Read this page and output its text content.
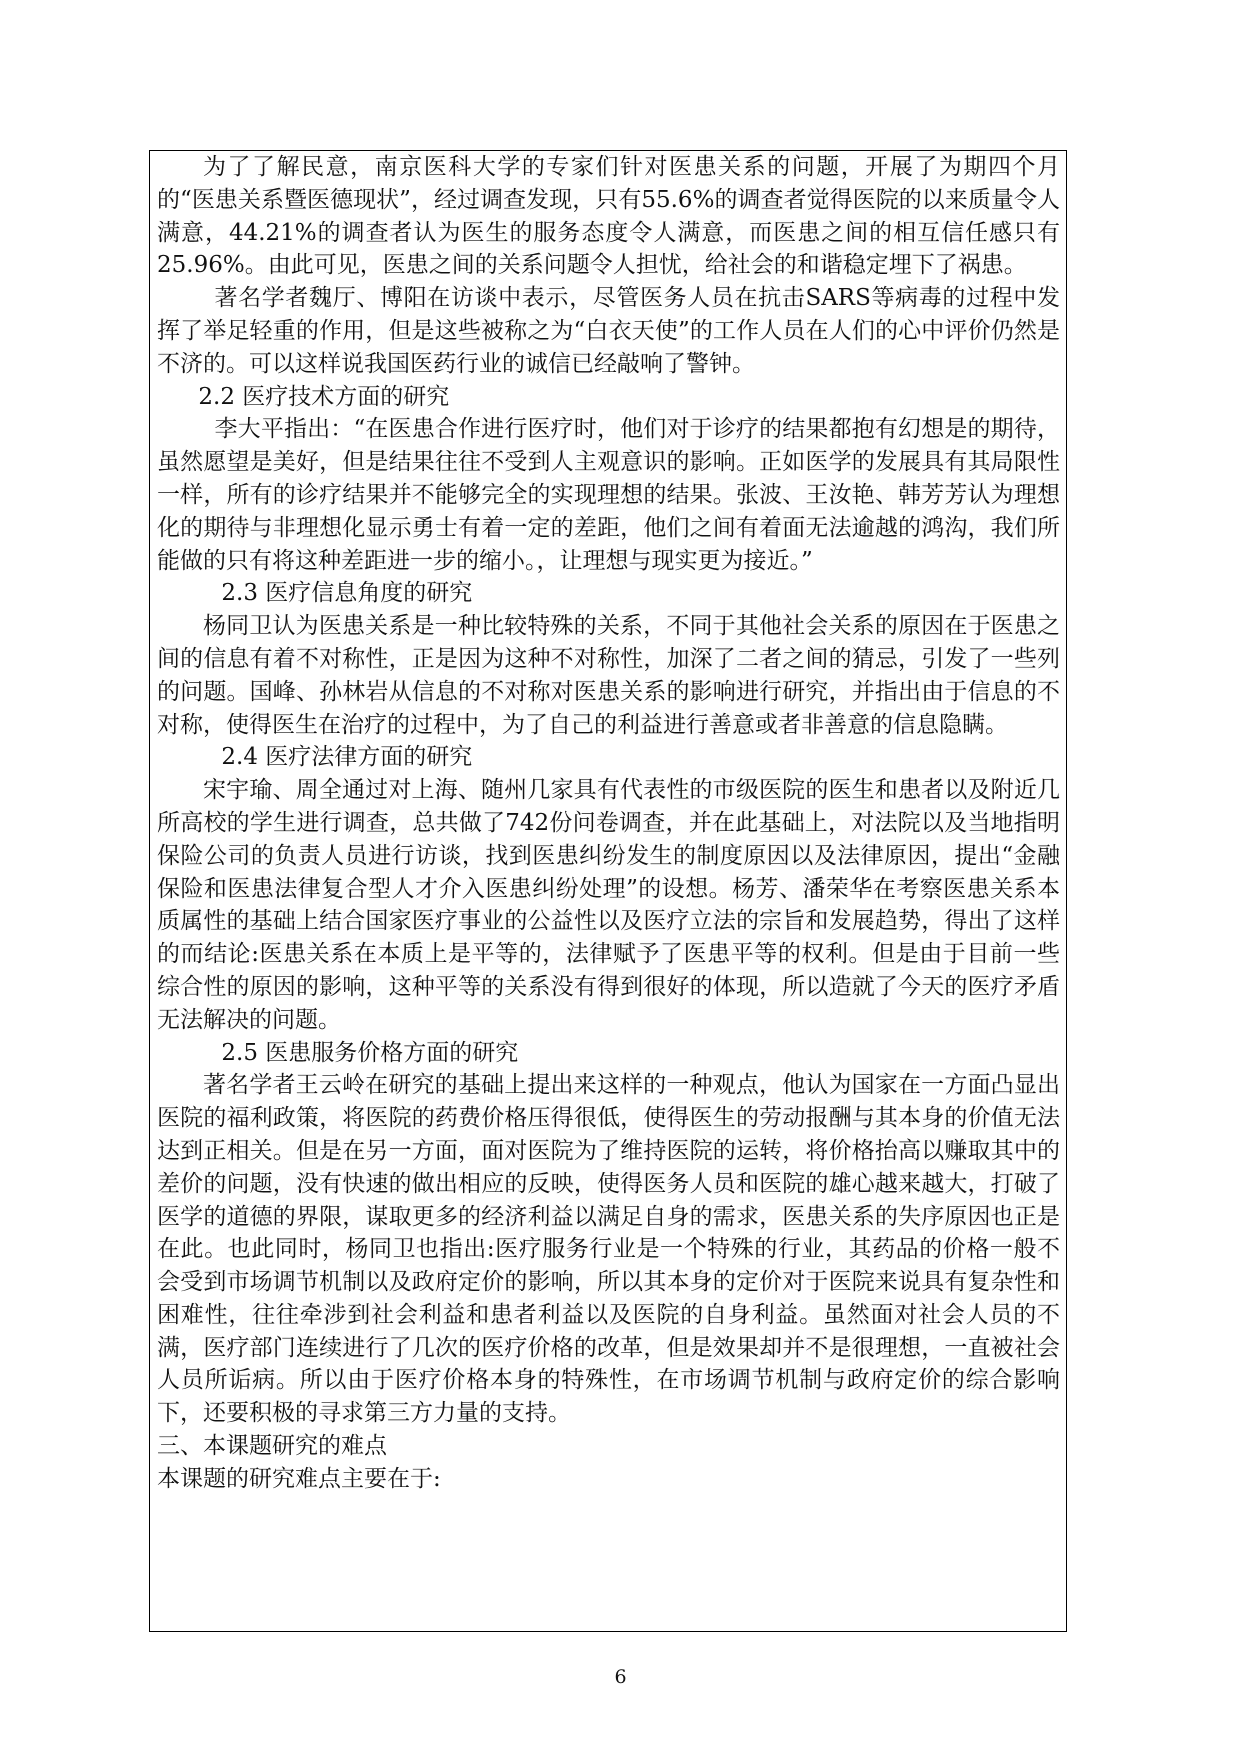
为了了解民意，南京医科大学的专家们针对医患关系的问题，开展了为期四个月的“医患关系暨医德现状”，经过调查发现，只有55.6%的调查者觉得医院的以来质量令人满意，44.21%的调查者认为医生的服务态度令人满意，而医患之间的相互信任感只有25.96%。由此可见，医患之间的关系问题令人担忧，给社会的和谐稳定埋下了祸患。

著名学者魏厅、博阳在访谈中表示，尽管医务人员在抗击SARS等病毒的过程中发挥了举足轻重的作用，但是这些被称之为“白衣天使”的工作人员在人们的心中评价仍然是不济的。可以这样说我国医药行业的诚信已经敲响了警钟。

2.2 医疗技术方面的研究

李大平指出：“在医患合作进行医疗时，他们对于诊疗的结果都抱有幻想是的期待，虽然愿望是美好，但是结果往往不受到人主观意识的影响。正如医学的发展具有其局限性一样，所有的诊疗结果并不能够完全的实现理想的结果。张波、王汝艳、韩芳芳认为理想化的期待与非理想化显示勇士有着一定的差距，他们之间有着面无法逾越的鸿沟，我们所能做的只有将这种差距进一步的缩小。，让理想与现实更为接近。”

2.3 医疗信息角度的研究

杨同卫认为医患关系是一种比较特殊的关系，不同于其他社会关系的原因在于医患之间的信息有着不对称性，正是因为这种不对称性，加深了二者之间的猜忌，引发了一些列的问题。国峰、孙林岩从信息的不对称对医患关系的影响进行研究，并指出由于信息的不对称，使得医生在治疗的过程中，为了自己的利益进行善意或者非善意的信息隐瞒。

2.4 医疗法律方面的研究

宋宇瑜、周全通过对上海、随州几家具有代表性的市级医院的医生和患者以及附近几所高校的学生进行调查，总共做了742份问卷调查，并在此基础上，对法院以及当地指明保险公司的负责人员进行访谈，找到医患纠纷发生的制度原因以及法律原因，提出“金融保险和医患法律复合型人才介入医患纠纷处理”的设想。杨芳、潘荣华在考察医患关系本质属性的基础上结合国家医疗事业的公益性以及医疗立法的宗旨和发展趋势，得出了这样的而结论:医患关系在本质上是平等的，法律赋予了医患平等的权利。但是由于目前一些综合性的原因的影响，这种平等的关系没有得到很好的体现，所以造就了今天的医疗矛盾无法解决的问题。

2.5 医患服务价格方面的研究

著名学者王云岭在研究的基础上提出来这样的一种观点，他认为国家在一方面凸显出医院的福利政策，将医院的药费价格压得很低，使得医生的劳动报酬与其本身的价值无法达到正相关。但是在另一方面，面对医院为了维持医院的运转，将价格抬高以赚取其中的差价的问题，没有快速的做出相应的反映，使得医务人员和医院的雄心越来越大，打破了医学的道德的界限，谋取更多的经济利益以满足自身的需求，医患关系的失序原因也正是在此。也此同时，杨同卫也指出:医疗服务行业是一个特殊的行业，其药品的价格一般不会受到市场调节机制以及政府定价的影响，所以其本身的定价对于医院来说具有复杂性和困难性，往往牵涉到社会利益和患者利益以及医院的自身利益。虽然面对社会人员的不满，医疗部门连续进行了几次的医疗价格的改革，但是效果却并不是很理想，一直被社会人员所诟病。所以由于医疗价格本身的特殊性，在市场调节机制与政府定价的综合影响下，还要积极的寻求第三方力量的支持。

三、本课题研究的难点

本课题的研究难点主要在于:

6
